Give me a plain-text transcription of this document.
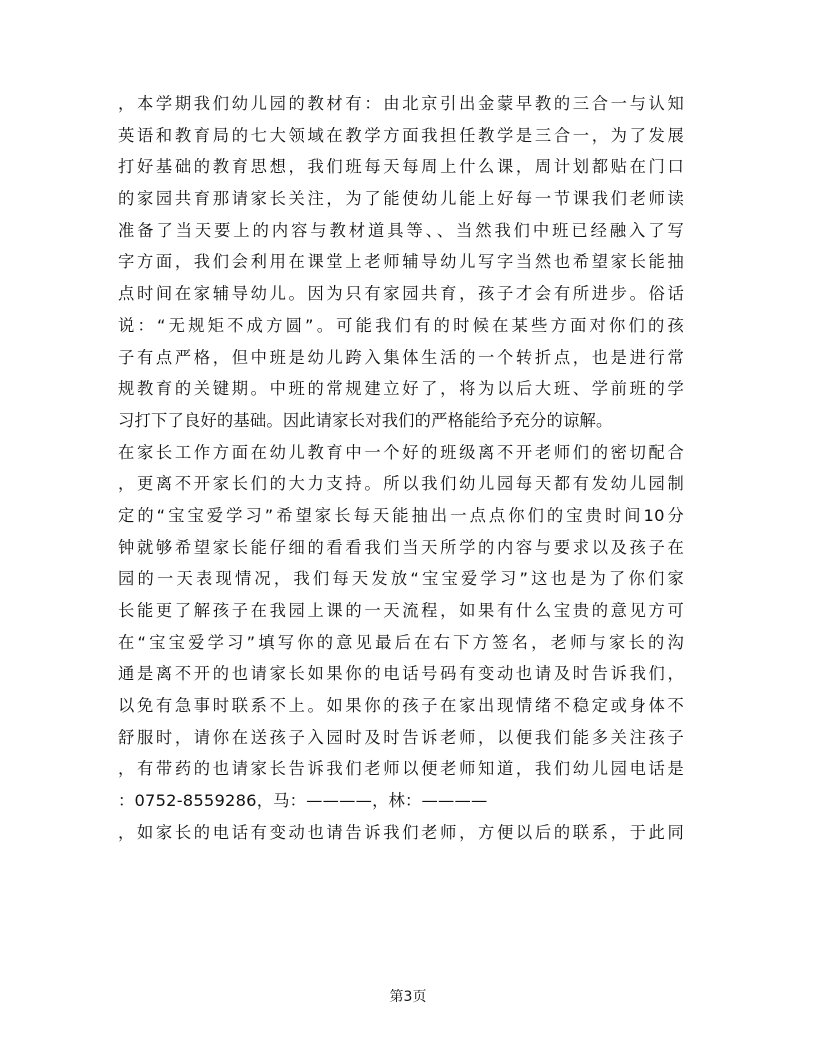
，本学期我们幼儿园的教材有：由北京引出金蒙早教的三合一与认知
英语和教育局的七大领域在教学方面我担任教学是三合一，为了发展
打好基础的教育思想，我们班每天每周上什么课，周计划都贴在门口
的家园共育那请家长关注，为了能使幼儿能上好每一节课我们老师读
准备了当天要上的内容与教材道具等、、当然我们中班已经融入了写
字方面，我们会利用在课堂上老师辅导幼儿写字当然也希望家长能抽
点时间在家辅导幼儿。因为只有家园共育，孩子才会有所进步。俗话
说：“无规矩不成方圆”。可能我们有的时候在某些方面对你们的孩
子有点严格，但中班是幼儿跨入集体生活的一个转折点，也是进行常
规教育的关键期。中班的常规建立好了，将为以后大班、学前班的学
习打下了良好的基础。因此请家长对我们的严格能给予充分的谅解。
在家长工作方面在幼儿教育中一个好的班级离不开老师们的密切配合
，更离不开家长们的大力支持。所以我们幼儿园每天都有发幼儿园制
定的“宝宝爱学习”希望家长每天能抽出一点点你们的宝贵时间10分
钟就够希望家长能仔细的看看我们当天所学的内容与要求以及孩子在
园的一天表现情况，我们每天发放“宝宝爱学习”这也是为了你们家
长能更了解孩子在我园上课的一天流程，如果有什么宝贵的意见方可
在“宝宝爱学习”填写你的意见最后在右下方签名，老师与家长的沟
通是离不开的也请家长如果你的电话号码有变动也请及时告诉我们，
以免有急事时联系不上。如果你的孩子在家出现情绪不稳定或身体不
舒服时，请你在送孩子入园时及时告诉老师，以便我们能多关注孩子
，有带药的也请家长告诉我们老师以便老师知道，我们幼儿园电话是
：0752-8559286，马：————，林：————
，如家长的电话有变动也请告诉我们老师，方便以后的联系，于此同
第3页
